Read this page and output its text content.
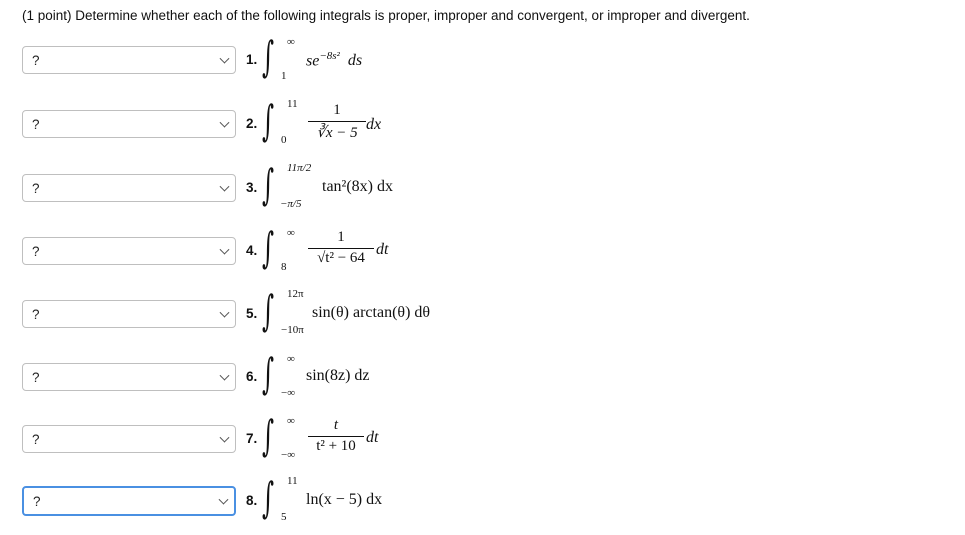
(1 point) Determine whether each of the following integrals is proper, improper and convergent, or improper and divergent.
?	1. ∫ ∞
1
$se^{-8s^2}$ ds
?	2. ∫ 11
0
1
∛x − 5 dx
?	3. ∫ 11π/2
−π/5
tan²(8x) dx
?	4. ∫ ∞
8
1
√t² − 64 dt
?	5. ∫ 12π
−10π
sin(θ) arctan(θ) dθ
?	6. ∫ ∞
−∞
sin(8z) dz
?	7. ∫ ∞
−∞
t
t² + 10 dt
?	8. ∫ 11
5
ln(x − 5) dx
